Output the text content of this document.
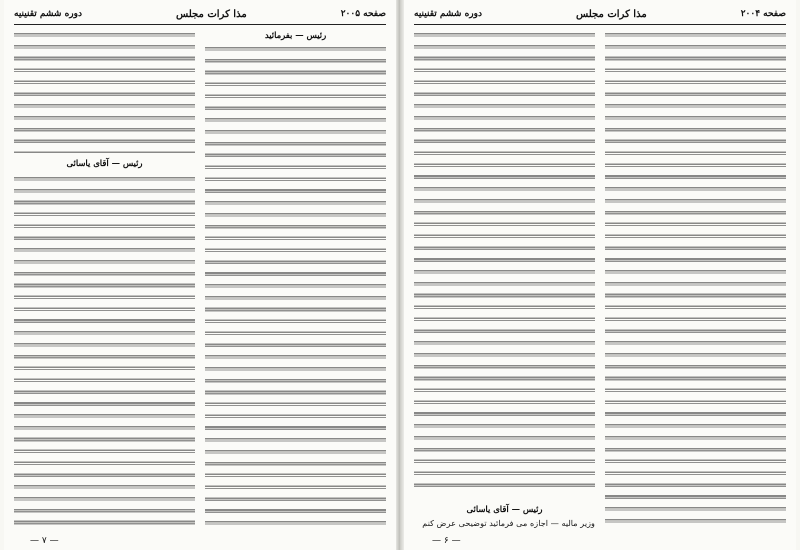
صفحه ۲۰۰۴
مذا کرات مجلس
دوره ششم تقنینیه

رئیس — آقای یاسائی
وزیر مالیه — اجازه می فرمائید توضیحی عرض کنم
— ۶ —
صفحه ۲۰۰۵
مذا کرات مجلس
دوره ششم تقنینیه
رئیس — بفرمائید

رئیس — آقای یاسائی

— ۷ —
